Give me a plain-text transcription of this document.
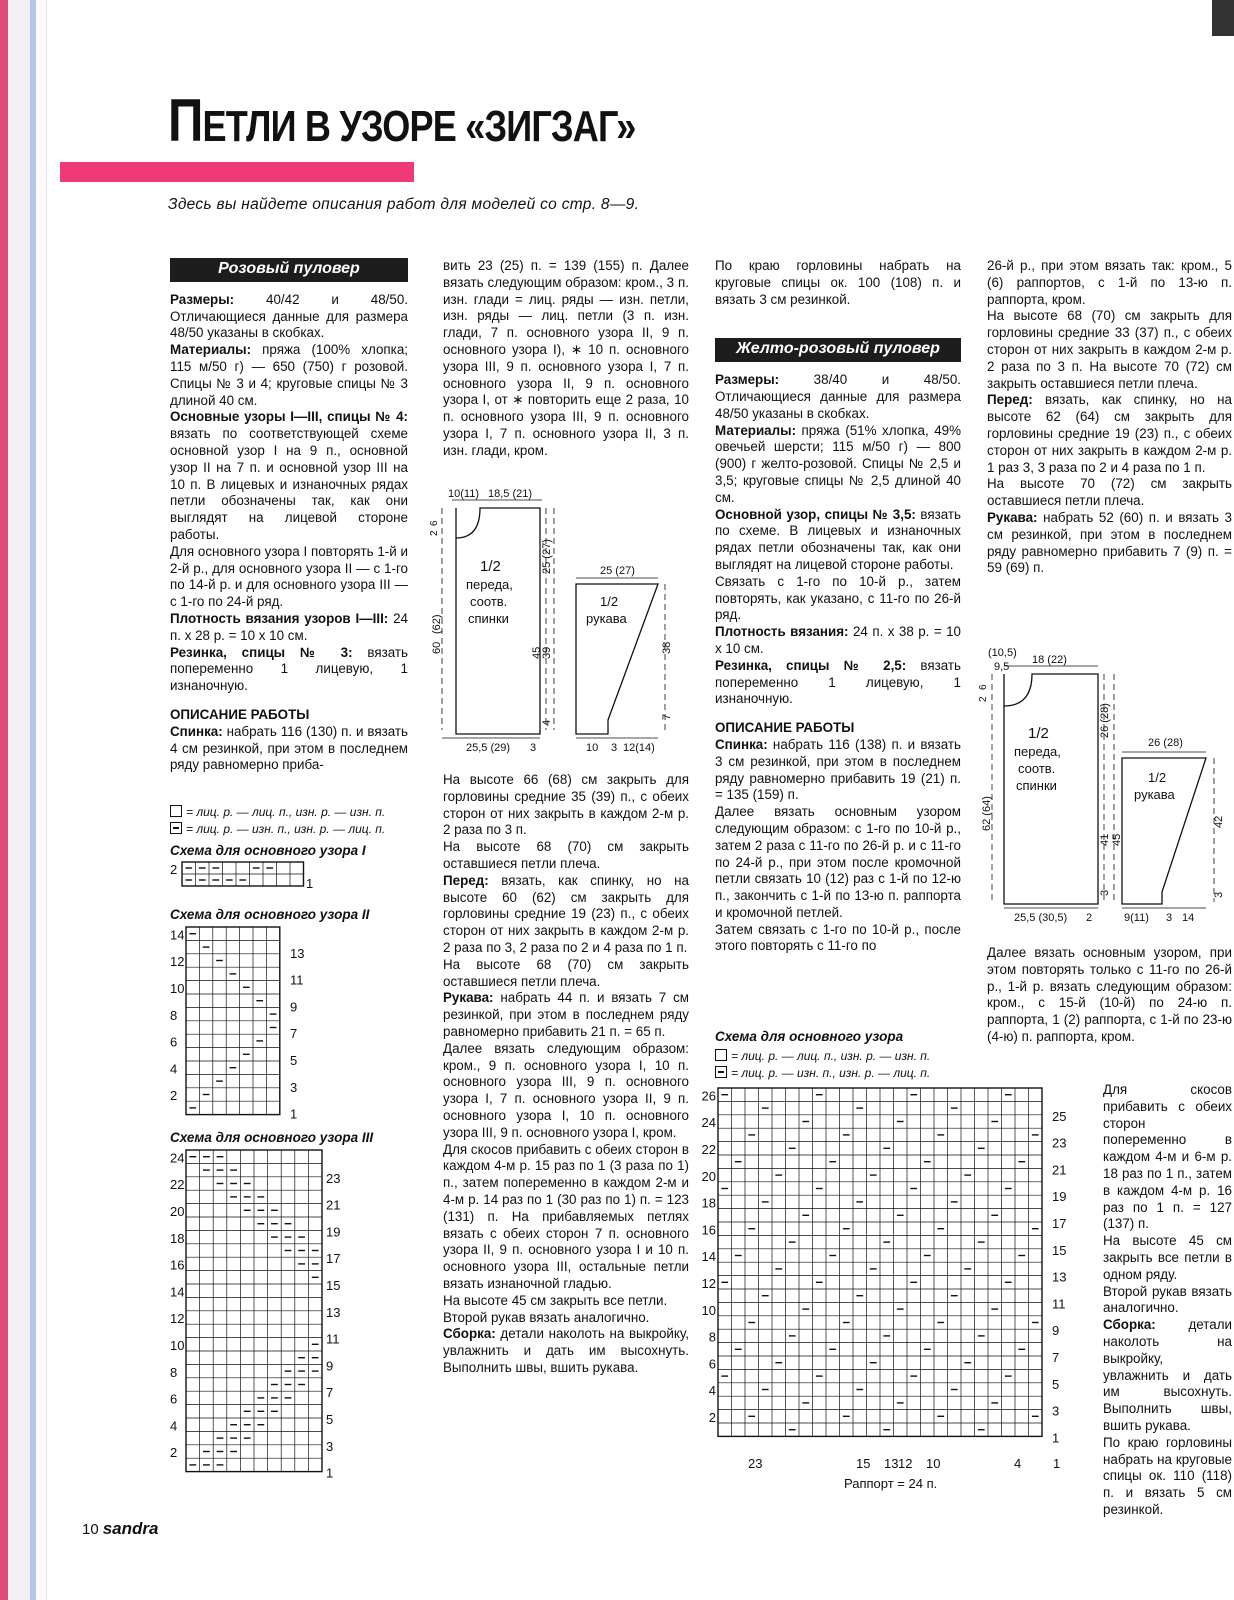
ПЕТЛИ В УЗОРЕ «ЗИГЗАГ»
Здесь вы найдете описания работ для моделей со стр. 8—9.
Розовый пуловер

Размеры: 40/42 и 48/50. Отличающиеся данные для размера 48/50 указаны в скобках.

Материалы: пряжа (100% хлопка; 115 м/50 г) — 650 (750) г розовой. Спицы № 3 и 4; круговые спицы № 3 длиной 40 см.

Основные узоры I—III, спицы № 4: вязать по соответствующей схеме основной узор I на 9 п., основной узор II на 7 п. и основной узор III на 10 п. В лицевых и изнаночных рядах петли обозначены так, как они выглядят на лицевой стороне работы.

Для основного узора I повторять 1-й и 2-й р., для основного узора II — с 1-го по 14-й р. и для основного узора III — с 1-го по 24-й ряд.

Плотность вязания узоров I—III: 24 п. х 28 р. = 10 х 10 см.

Резинка, спицы № 3: вязать попеременно 1 лицевую, 1 изнаночную.

ОПИСАНИЕ РАБОТЫ

Спинка: набрать 116 (130) п. и вязать 4 см резинкой, при этом в последнем ряду равномерно приба-

= лиц. р. — лиц. п., изн. р. — изн. п.
= лиц. р. — изн. п., изн. р. — лиц. п.
Схема для основного узора I
Схема для основного узора II
Схема для основного узора III
2
1
14
12
10
8
6
4
2
13
11
9
7
5
3
1
24
22
20
18
16
14
12
10
8
6
4
2
23
21
19
17
15
13
11
9
7
5
3
1

вить 23 (25) п. = 139 (155) п. Далее вязать следующим образом: кром., 3 п. изн. глади = лиц. ряды — изн. петли, изн. ряды — лиц. петли (3 п. изн. глади, 7 п. основного узора II, 9 п. основного узора I), ∗ 10 п. основного узора III, 9 п. основного узора I, 7 п. основного узора II, 9 п. основного узора I, от ∗ повторить еще 2 раза, 10 п. основного узора III, 9 п. основного узора I, 7 п. основного узора II, 3 п. изн. глади, кром.

10(11) 18,5 (21)
6
2
1/2
переда,
соотв.
спинки
(62)
60
25 (27)
39
45
4
25,5 (29) 3
25 (27)
1/2
рукава
38
7
10 3 12(14)

На высоте 66 (68) см закрыть для горловины средние 35 (39) п., с обеих сторон от них закрыть в каждом 2-м р. 2 раза по 3 п.

На высоте 68 (70) см закрыть оставшиеся петли плеча.

Перед: вязать, как спинку, но на высоте 60 (62) см закрыть для горловины средние 19 (23) п., с обеих сторон от них закрыть в каждом 2-м р. 2 раза по 3, 2 раза по 2 и 4 раза по 1 п.

На высоте 68 (70) см закрыть оставшиеся петли плеча.

Рукава: набрать 44 п. и вязать 7 см резинкой, при этом в последнем ряду равномерно прибавить 21 п. = 65 п.

Далее вязать следующим образом: кром., 9 п. основного узора I, 10 п. основного узора III, 9 п. основного узора I, 7 п. основного узора II, 9 п. основного узора I, 10 п. основного узора III, 9 п. основного узора I, кром.

Для скосов прибавить с обеих сторон в каждом 4-м р. 15 раз по 1 (3 раза по 1) п., затем попеременно в каждом 2-м и 4-м р. 14 раз по 1 (30 раз по 1) п. = 123 (131) п. На прибавляемых петлях вязать с обеих сторон 7 п. основного узора II, 9 п. основного узора I и 10 п. основного узора III, остальные петли вязать изнаночной гладью.

На высоте 45 см закрыть все петли.

Второй рукав вязать аналогично.

Сборка: детали наколоть на выкройку, увлажнить и дать им высохнуть. Выполнить швы, вшить рукава.

По краю горловины набрать на круговые спицы ок. 100 (108) п. и вязать 3 см резинкой.

Желто-розовый пуловер

Размеры: 38/40 и 48/50. Отличающиеся данные для размера 48/50 указаны в скобках.

Материалы: пряжа (51% хлопка, 49% овечьей шерсти; 115 м/50 г) — 800 (900) г желто-розовой. Спицы № 2,5 и 3,5; круговые спицы № 2,5 длиной 40 см.

Основной узор, спицы № 3,5: вязать по схеме. В лицевых и изнаночных рядах петли обозначены так, как они выглядят на лицевой стороне работы.

Связать с 1-го по 10-й р., затем повторять, как указано, с 11-го по 26-й ряд.

Плотность вязания: 24 п. х 38 р. = 10 х 10 см.

Резинка, спицы № 2,5: вязать попеременно 1 лицевую, 1 изнаночную.

ОПИСАНИЕ РАБОТЫ

Спинка: набрать 116 (138) п. и вязать 3 см резинкой, при этом в последнем ряду равномерно прибавить 19 (21) п. = 135 (159) п.

Далее вязать основным узором следующим образом: с 1-го по 10-й р., затем 2 раза с 11-го по 26-й р. и с 11-го по 24-й р., при этом после кромочной петли связать 10 (12) раз с 1-й по 12-ю п., закончить с 1-й по 13-ю п. раппорта и кромочной петлей.

Затем связать с 1-го по 10-й р., после этого повторять с 11-го по

Схема для основного узора
= лиц. р. — лиц. п., изн. р. — изн. п.
= лиц. р. — изн. п., изн. р. — лиц. п.
23	15 13 12 10	4 1
Раппорт = 24 п.
26
24
22
20
18
16
14
12
10
8
6
4
2
25
23
21
19
17
15
13
11
9
7
5
3
1

26-й р., при этом вязать так: кром., 5 (6) раппортов, с 1-й по 13-ю п. раппорта, кром.

На высоте 68 (70) см закрыть для горловины средние 33 (37) п., с обеих сторон от них закрыть в каждом 2-м р. 2 раза по 3 п. На высоте 70 (72) см закрыть оставшиеся петли плеча.

Перед: вязать, как спинку, но на высоте 62 (64) см закрыть для горловины средние 19 (23) п., с обеих сторон от них закрыть в каждом 2-м р. 1 раз 3, 3 раза по 2 и 4 раза по 1 п.

На высоте 70 (72) см закрыть оставшиеся петли плеча.

Рукава: набрать 52 (60) п. и вязать 3 см резинкой, при этом в последнем ряду равномерно прибавить 7 (9) п. = 59 (69) п.

(10,5)
9,5
18 (22)
6
2
1/2
переда,
соотв.
спинки
62 (64)
26 (28)
41 45
3
25,5 (30,5) 2
26 (28)
1/2
рукава
42
3
9(11) 3 14

Далее вязать основным узором, при этом повторять только с 11-го по 26-й р., 1-й р. вязать следующим образом: кром., с 15-й (10-й) по 24-ю п. раппорта, 1 (2) раппорта, с 1-й по 23-ю (4-ю) п. раппорта, кром.

Для скосов прибавить с обеих сторон попеременно в каждом 4-м и 6-м р. 18 раз по 1 п., затем в каждом 4-м р. 16 раз по 1 п. = 127 (137) п.

На высоте 45 см закрыть все петли в одном ряду.

Второй рукав вязать аналогично.

Сборка: детали наколоть на выкройку, увлажнить и дать им высохнуть. Выполнить швы, вшить рукава.

По краю горловины набрать на круговые спицы ок. 110 (118) п. и вязать 5 см резинкой.

10 sandra
